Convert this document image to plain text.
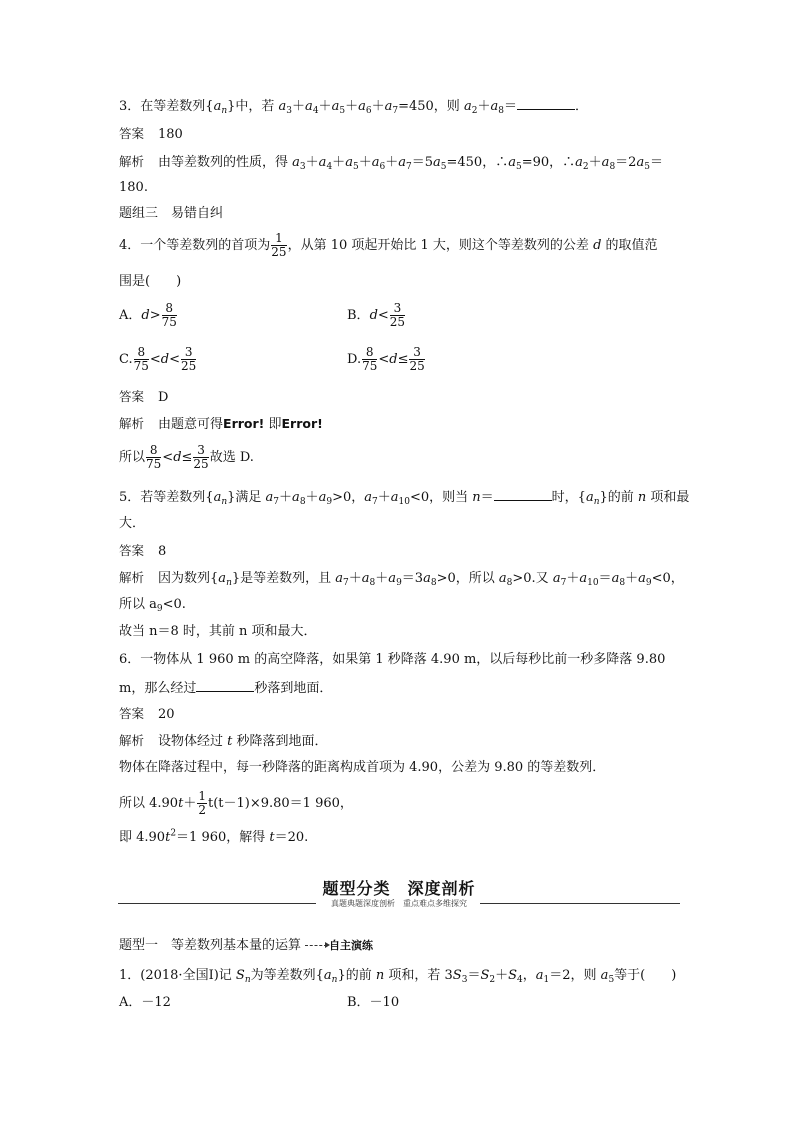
3．在等差数列$\{a_n\}$中，若 $a_3+a_4+a_5+a_6+a_7=450$，则 $a_2+a_8=$	．
答案 180
解析 由等差数列的性质，得 $a_3+a_4+a_5+a_6+a_7=5a_5=450$，$\therefore a_5=90$，$\therefore a_2+a_8=2a_5=$
180.
题组三　易错自纠
4．一个等差数列的首项为 $\frac{1}{25}$ ，从第 10 项起开始比 1 大，则这个等差数列的公差 d 的取值范
围是(　　)
A．$d> \frac{8}{75}$	B．$d< \frac{3}{25}$
C. $\frac{8}{75} <d< \frac{3}{25}$	D. $\frac{8}{75} <d\le \frac{3}{25}$
答案 D
解析 由题意可得Error! 即Error!
所以 $\frac{8}{75} <d\le \frac{3}{25}$ 故选 D.
5．若等差数列$\{a_n\}$满足 $a_7+a_8+a_9>0$，$a_7+a_{10}<0$，则当 n＝	时，$\{a_n\}$的前 n 项和最
大．
答案 8
解析 因为数列$\{a_n\}$是等差数列，且 $a_7+a_8+a_9=3a_8>0$，所以 $a_8>0$.又 $a_7+a_{10}=a_8+a_9<0$，
所以 $a_9<0$.
故当 n＝8 时，其前 n 项和最大．
6．一物体从 1 960 m 的高空降落，如果第 1 秒降落 4.90 m，以后每秒比前一秒多降落 9.80
m，那么经过	秒落到地面．
答案 20
解析 设物体经过 t 秒降落到地面．
物体在降落过程中，每一秒降落的距离构成首项为 4.90，公差为 9.80 的等差数列．
所以 $4.90t+ \frac{1}{2} t(t-1)\times 9.80=1$ 960，
即 $4.90t^2=1$ 960，解得 t＝20.
题型分类　深度剖析
真题典题深度剖析　重点难点多维探究
题型一　等差数列基本量的运算	自主演练
1．(2018·全国Ⅰ)记 $S_n$为等差数列$\{a_n\}$的前 n 项和，若 $3S_3=S_2+S_4$，$a_1=2$，则 $a_5$等于(　　)
A．－12	B．－10
